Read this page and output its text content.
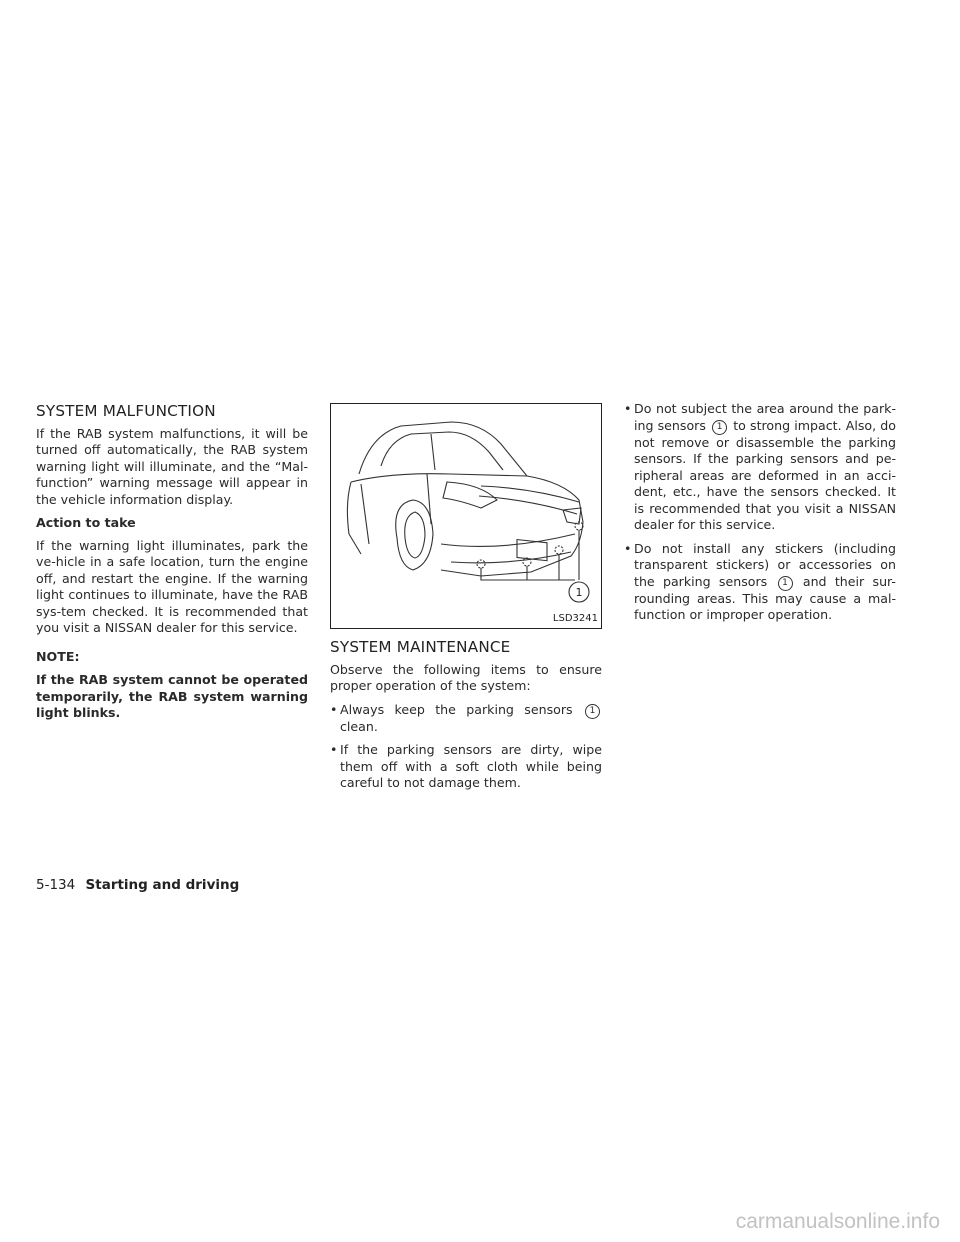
SYSTEM MALFUNCTION

If the RAB system malfunctions, it will be turned off automatically, the RAB system warning light will illuminate, and the “Mal-function” warning message will appear in the vehicle information display.

Action to take

If the warning light illuminates, park the ve-hicle in a safe location, turn the engine off, and restart the engine. If the warning light continues to illuminate, have the RAB sys-tem checked. It is recommended that you visit a NISSAN dealer for this service.

NOTE:

If the RAB system cannot be operated temporarily, the RAB system warning light blinks.

1
LSD3241
SYSTEM MAINTENANCE

Observe the following items to ensure proper operation of the system:

• Always keep the parking sensors 1 clean.
• If the parking sensors are dirty, wipe them off with a soft cloth while being careful to not damage them.
• Do not subject the area around the park-ing sensors 1 to strong impact. Also, do not remove or disassemble the parking sensors. If the parking sensors and pe-ripheral areas are deformed in an acci-dent, etc., have the sensors checked. It is recommended that you visit a NISSAN dealer for this service.
• Do not install any stickers (including transparent stickers) or accessories on the parking sensors 1 and their sur-rounding areas. This may cause a mal-function or improper operation.
5-134 Starting and driving
carmanualsonline.info
